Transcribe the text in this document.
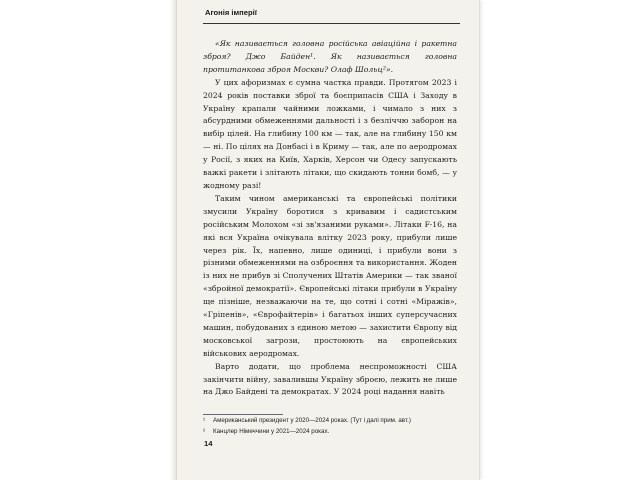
Агонія імперії

«Як називається головна російська авіаційна і ракетна зброя? Джо Байден¹. Як називається головна протитанкова зброя Москви? Олаф Шольц²».

У цих афоризмах є сумна частка правди. Протягом 2023 і 2024 років поставки зброї та боєприпасів США і Заходу в Україну крапали чайними ложками, і чимало з них з абсурдними обмеженнями дальності і з безліччю заборон на вибір цілей. На глибину 100 км — так, але на глибину 150 км — ні. По цілях на Донбасі і в Криму — так, але по аеродромах у Росії, з яких на Київ, Харків, Херсон чи Одесу запускають важкі ракети і злітають літаки, що скидають тонни бомб, — у жодному разі!

Таким чином американські та європейські політики змусили Україну боротися з кривавим і садистським російським Молохом «зі зв'язаними руками». Літаки F-16, на які вся Україна очікувала влітку 2023 року, прибули лише через рік. Їх, напевно, лише одиниці, і прибули вони з різними обмеженнями на озброєння та використання. Жоден із них не прибув зі Сполучених Штатів Америки — так званої «збройної демократії». Європейські літаки прибули в Україну ще пізніше, незважаючи на те, що сотні і сотні «Міражів», «Гріпенів», «Єврофайтерів» і багатьох інших суперсучасних машин, побудованих з єдиною метою — захистити Європу від московської загрози, простоюють на європейських військових аеродромах.

Варто додати, що проблема неспроможності США закінчити війну, завалившы Україну зброєю, лежить не лише на Джо Байдені та демократах. У 2024 році надання навіть

¹	Американський президент у 2020—2024 роках. (Тут і далі прим. авт.)
²	Канцлер Німеччини у 2021—2024 роках.
14
